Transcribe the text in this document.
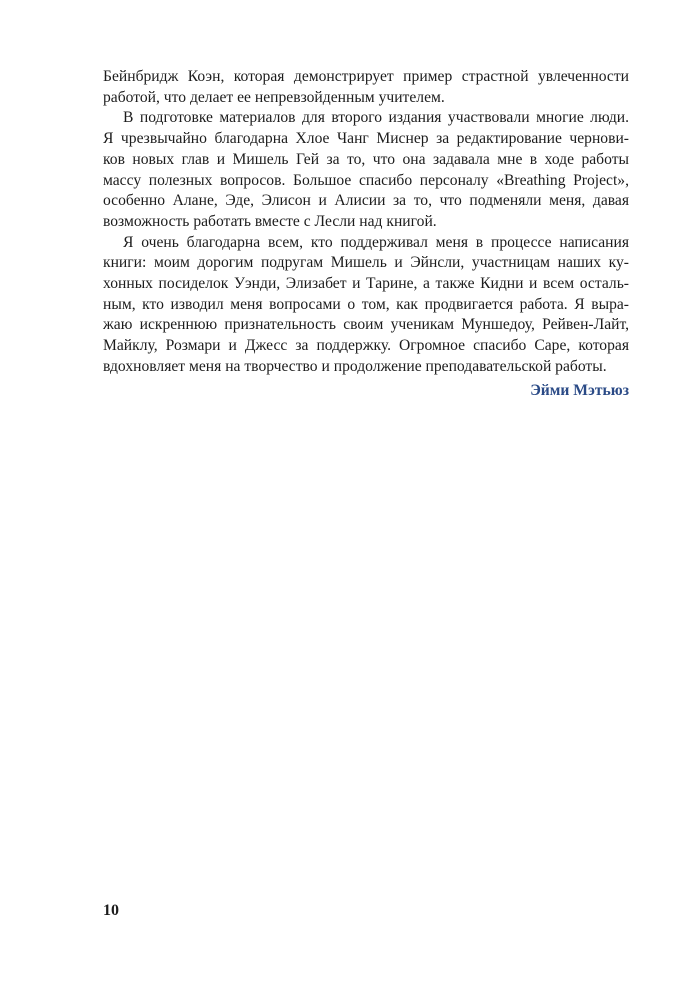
Бейнбридж Коэн, которая демонстрирует пример страстной увлеченности
работой, что делает ее непревзойденным учителем.

В подготовке материалов для второго издания участвовали многие люди.
Я чрезвычайно благодарна Хлое Чанг Миснер за редактирование чернови-
ков новых глав и Мишель Гей за то, что она задавала мне в ходе работы
массу полезных вопросов. Большое спасибо персоналу «Breathing Project»,
особенно Алане, Эде, Элисон и Алисии за то, что подменяли меня, давая
возможность работать вместе с Лесли над книгой.

Я очень благодарна всем, кто поддерживал меня в процессе написания
книги: моим дорогим подругам Мишель и Эйнсли, участницам наших ку-
хонных посиделок Уэнди, Элизабет и Тарине, а также Кидни и всем осталь-
ным, кто изводил меня вопросами о том, как продвигается работа. Я выра-
жаю искреннюю признательность своим ученикам Муншедоу, Рейвен-Лайт,
Майклу, Розмари и Джесс за поддержку. Огромное спасибо Саре, которая
вдохновляет меня на творчество и продолжение преподавательской работы.

Эйми Мэтьюз
10
